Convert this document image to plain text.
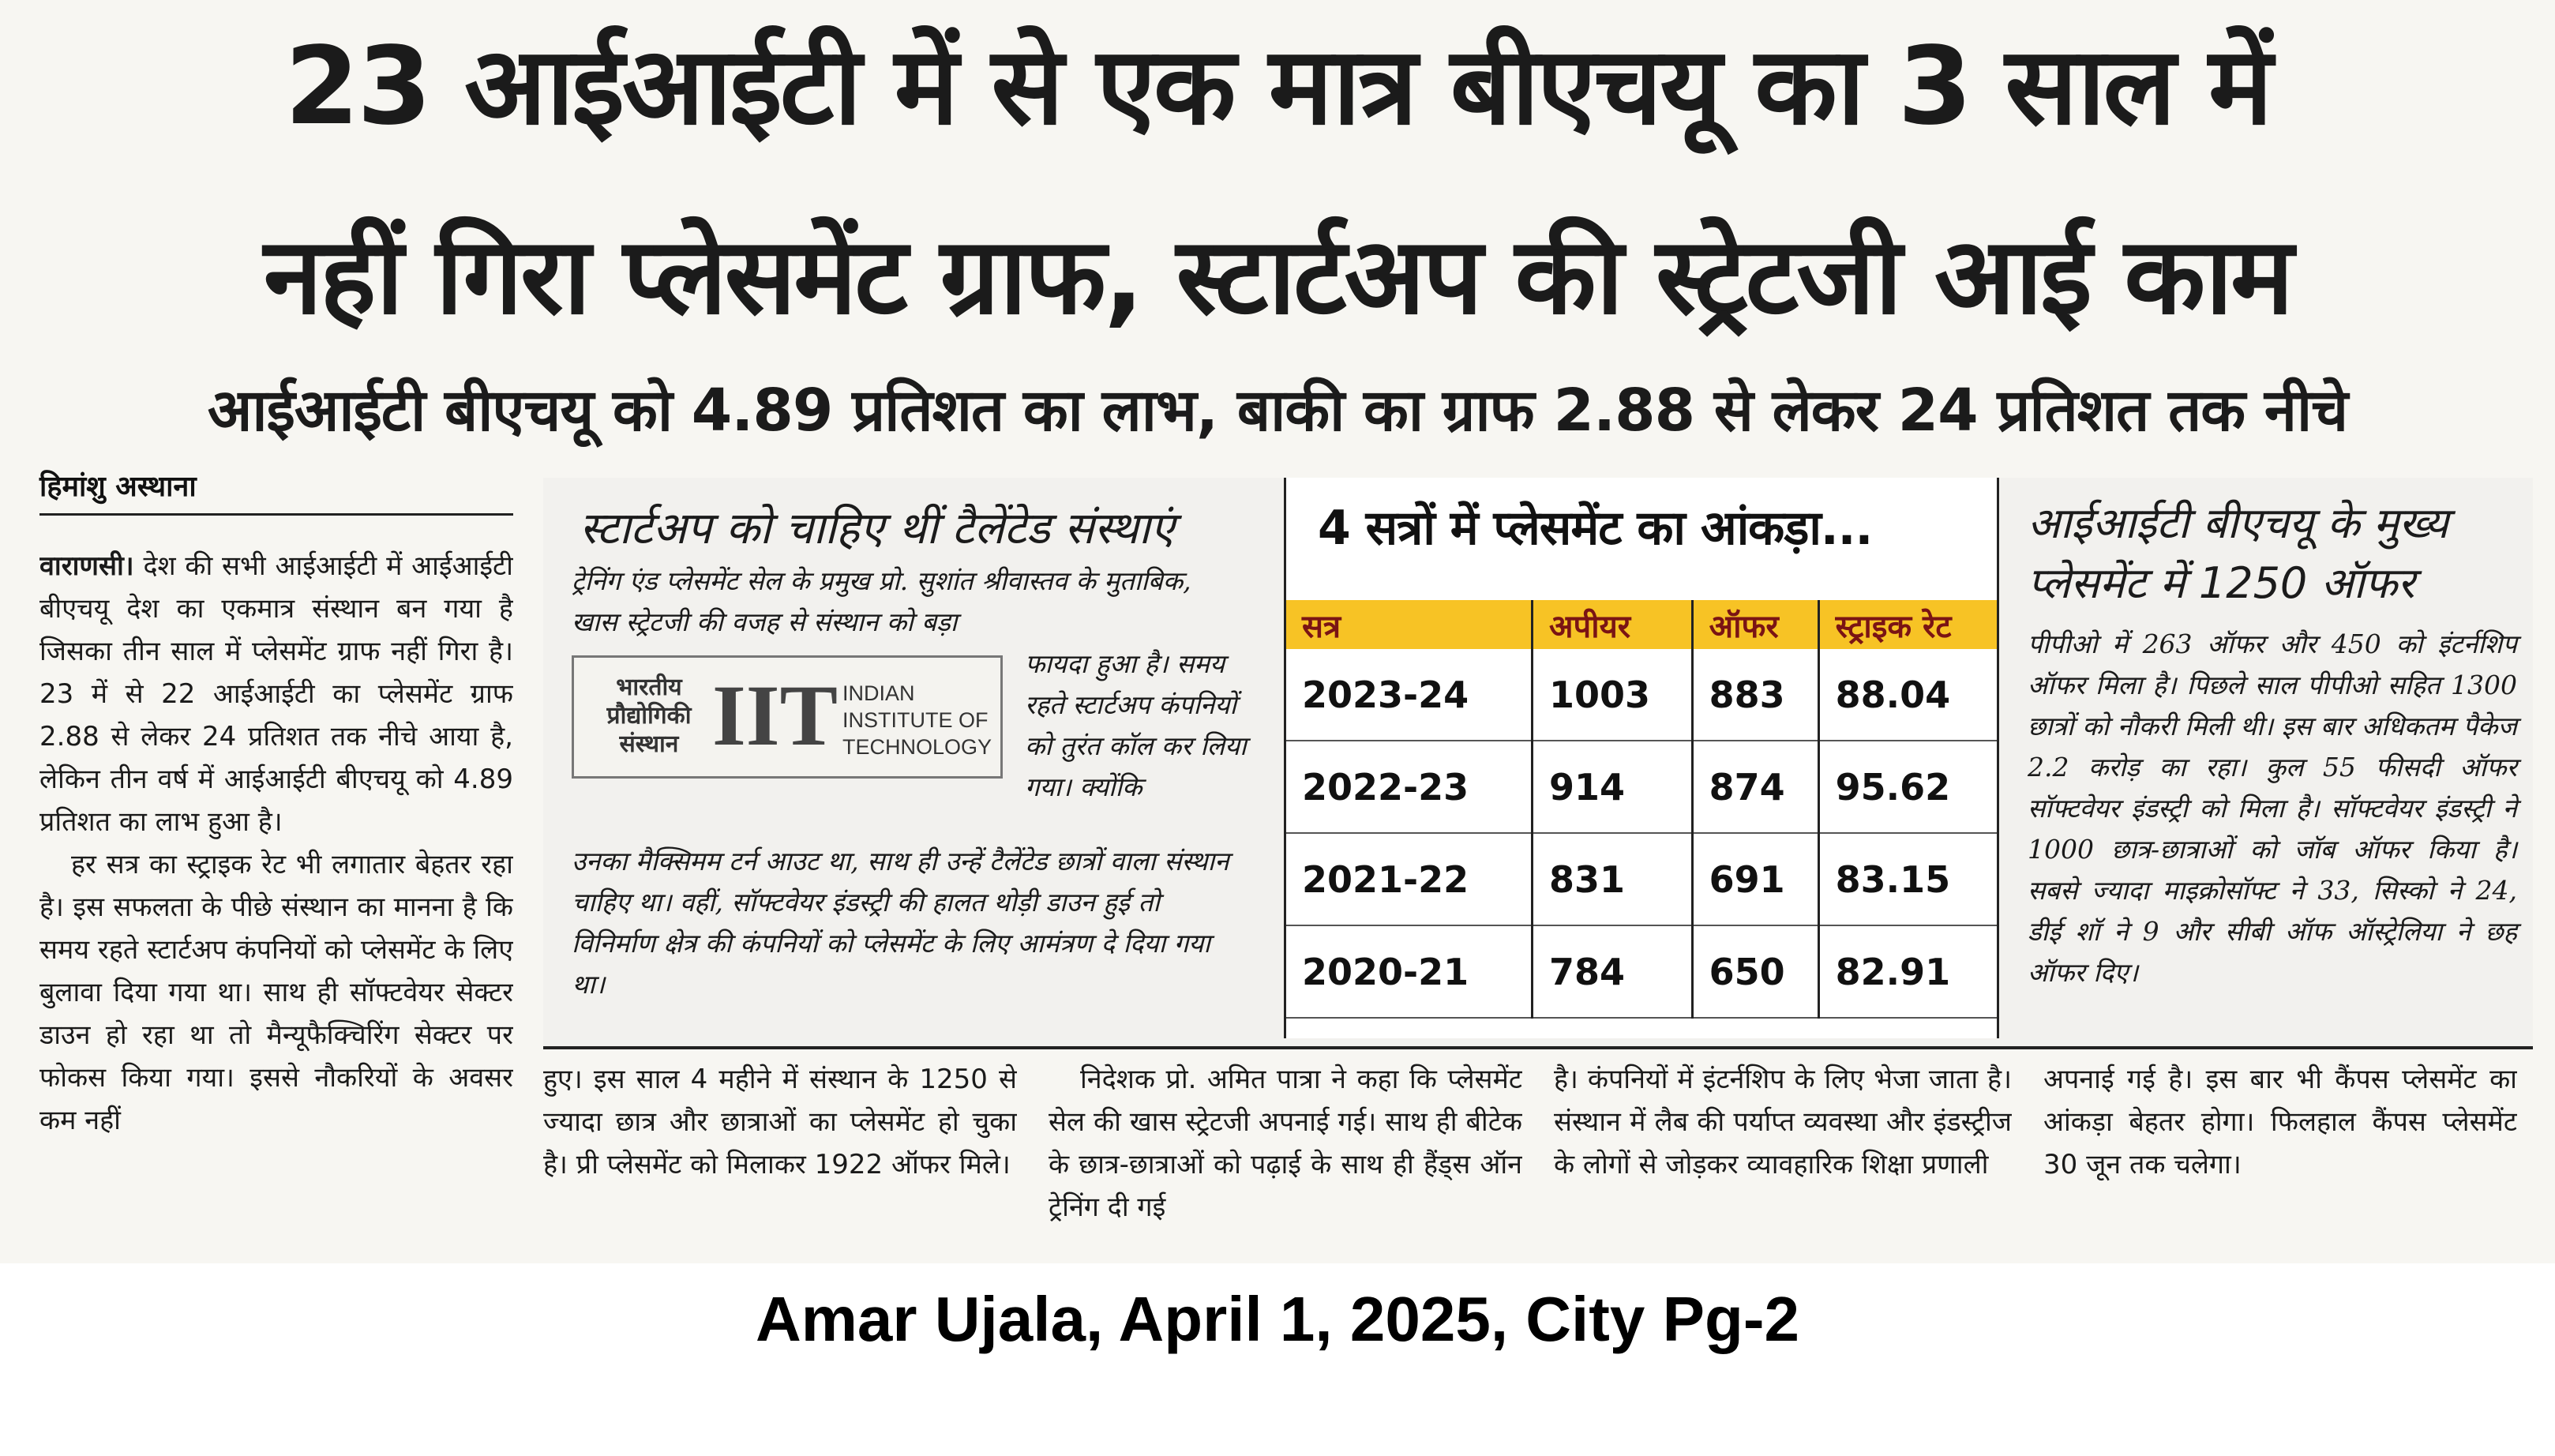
23 आईआईटी में से एक मात्र बीएचयू का 3 साल में
नहीं गिरा प्लेसमेंट ग्राफ, स्टार्टअप की स्ट्रेटजी आई काम
आईआईटी बीएचयू को 4.89 प्रतिशत का लाभ, बाकी का ग्राफ 2.88 से लेकर 24 प्रतिशत तक नीचे
हिमांशु अस्थाना

वाराणसी। देश की सभी आईआईटी में आईआईटी बीएचयू देश का एकमात्र संस्थान बन गया है जिसका तीन साल में प्लेसमेंट ग्राफ नहीं गिरा है। 23 में से 22 आईआईटी का प्लेसमेंट ग्राफ 2.88 से लेकर 24 प्रतिशत तक नीचे आया है, लेकिन तीन वर्ष में आईआईटी बीएचयू को 4.89 प्रतिशत का लाभ हुआ है।

हर सत्र का स्ट्राइक रेट भी लगातार बेहतर रहा है। इस सफलता के पीछे संस्थान का मानना है कि समय रहते स्टार्टअप कंपनियों को प्लेसमेंट के लिए बुलावा दिया गया था। साथ ही सॉफ्टवेयर सेक्टर डाउन हो रहा था तो मैन्यूफैक्चिरिंग सेक्टर पर फोकस किया गया। इससे नौकरियों के अवसर कम नहीं

स्टार्टअप को चाहिए थीं टैलेंटेड संस्थाएं
ट्रेनिंग एंड प्लेसमेंट सेल के प्रमुख प्रो. सुशांत श्रीवास्तव के मुताबिक, खास स्ट्रेटजी की वजह से संस्थान को बड़ा
भारतीय प्रौद्योगिकी संस्थान IIT INDIAN INSTITUTE OF TECHNOLOGY
फायदा हुआ है। समय रहते स्टार्टअप कंपनियों को तुरंत कॉल कर लिया गया। क्योंकि
उनका मैक्सिमम टर्न आउट था, साथ ही उन्हें टैलेंटेड छात्रों वाला संस्थान चाहिए था। वहीं, सॉफ्टवेयर इंडस्ट्री की हालत थोड़ी डाउन हुई तो विनिर्माण क्षेत्र की कंपनियों को प्लेसमेंट के लिए आमंत्रण दे दिया गया था।
4 सत्रों में प्लेसमेंट का आंकड़ा...
सत्र	अपीयर	ऑफर	स्ट्राइक रेट
2023-24	1003	883	88.04
2022-23	914	874	95.62
2021-22	831	691	83.15
2020-21	784	650	82.91
आईआईटी बीएचयू के मुख्य प्लेसमेंट में 1250 ऑफर
पीपीओ में 263 ऑफर और 450 को इंटर्नशिप ऑफर मिला है। पिछले साल पीपीओ सहित 1300 छात्रों को नौकरी मिली थी। इस बार अधिकतम पैकेज 2.2 करोड़ का रहा। कुल 55 फीसदी ऑफर सॉफ्टवेयर इंडस्ट्री को मिला है। सॉफ्टवेयर इंडस्ट्री ने 1000 छात्र-छात्राओं को जॉब ऑफर किया है। सबसे ज्यादा माइक्रोसॉफ्ट ने 33, सिस्को ने 24, डीई शॉ ने 9 और सीबी ऑफ ऑस्ट्रेलिया ने छह ऑफर दिए।

हुए। इस साल 4 महीने में संस्थान के 1250 से ज्यादा छात्र और छात्राओं का प्लेसमेंट हो चुका है। प्री प्लेसमेंट को मिलाकर 1922 ऑफर मिले।

निदेशक प्रो. अमित पात्रा ने कहा कि प्लेसमेंट सेल की खास स्ट्रेटजी अपनाई गई। साथ ही बीटेक के छात्र-छात्राओं को पढ़ाई के साथ ही हैंड्स ऑन ट्रेनिंग दी गई

है। कंपनियों में इंटर्नशिप के लिए भेजा जाता है। संस्थान में लैब की पर्याप्त व्यवस्था और इंडस्ट्रीज के लोगों से जोड़कर व्यावहारिक शिक्षा प्रणाली

अपनाई गई है। इस बार भी कैंपस प्लेसमेंट का आंकड़ा बेहतर होगा। फिलहाल कैंपस प्लेसमेंट 30 जून तक चलेगा।

Amar Ujala, April 1, 2025, City Pg-2
